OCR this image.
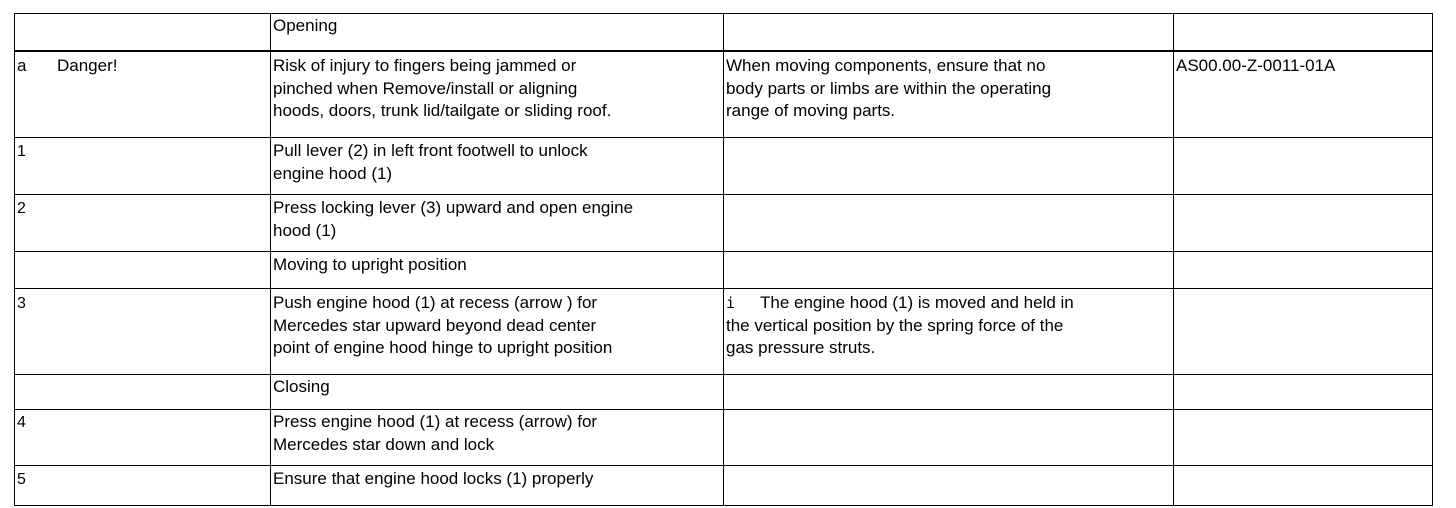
	Opening		

a Danger!	Risk of injury to fingers being jammed or
pinched when Remove/install or aligning
hoods, doors, trunk lid/tailgate or sliding roof.	When moving components, ensure that no
body parts or limbs are within the operating
range of moving parts.	AS00.00-Z-0011-01A

1	Pull lever (2) in left front footwell to unlock
engine hood (1)		

2	Press locking lever (3) upward and open engine
hood (1)		

	Moving to upright position		

3	Push engine hood (1) at recess (arrow ) for
Mercedes star upward beyond dead center
point of engine hood hinge to upright position	i The engine hood (1) is moved and held in
the vertical position by the spring force of the
gas pressure struts.	

	Closing		

4	Press engine hood (1) at recess (arrow) for
Mercedes star down and lock		

5	Ensure that engine hood locks (1) properly		
